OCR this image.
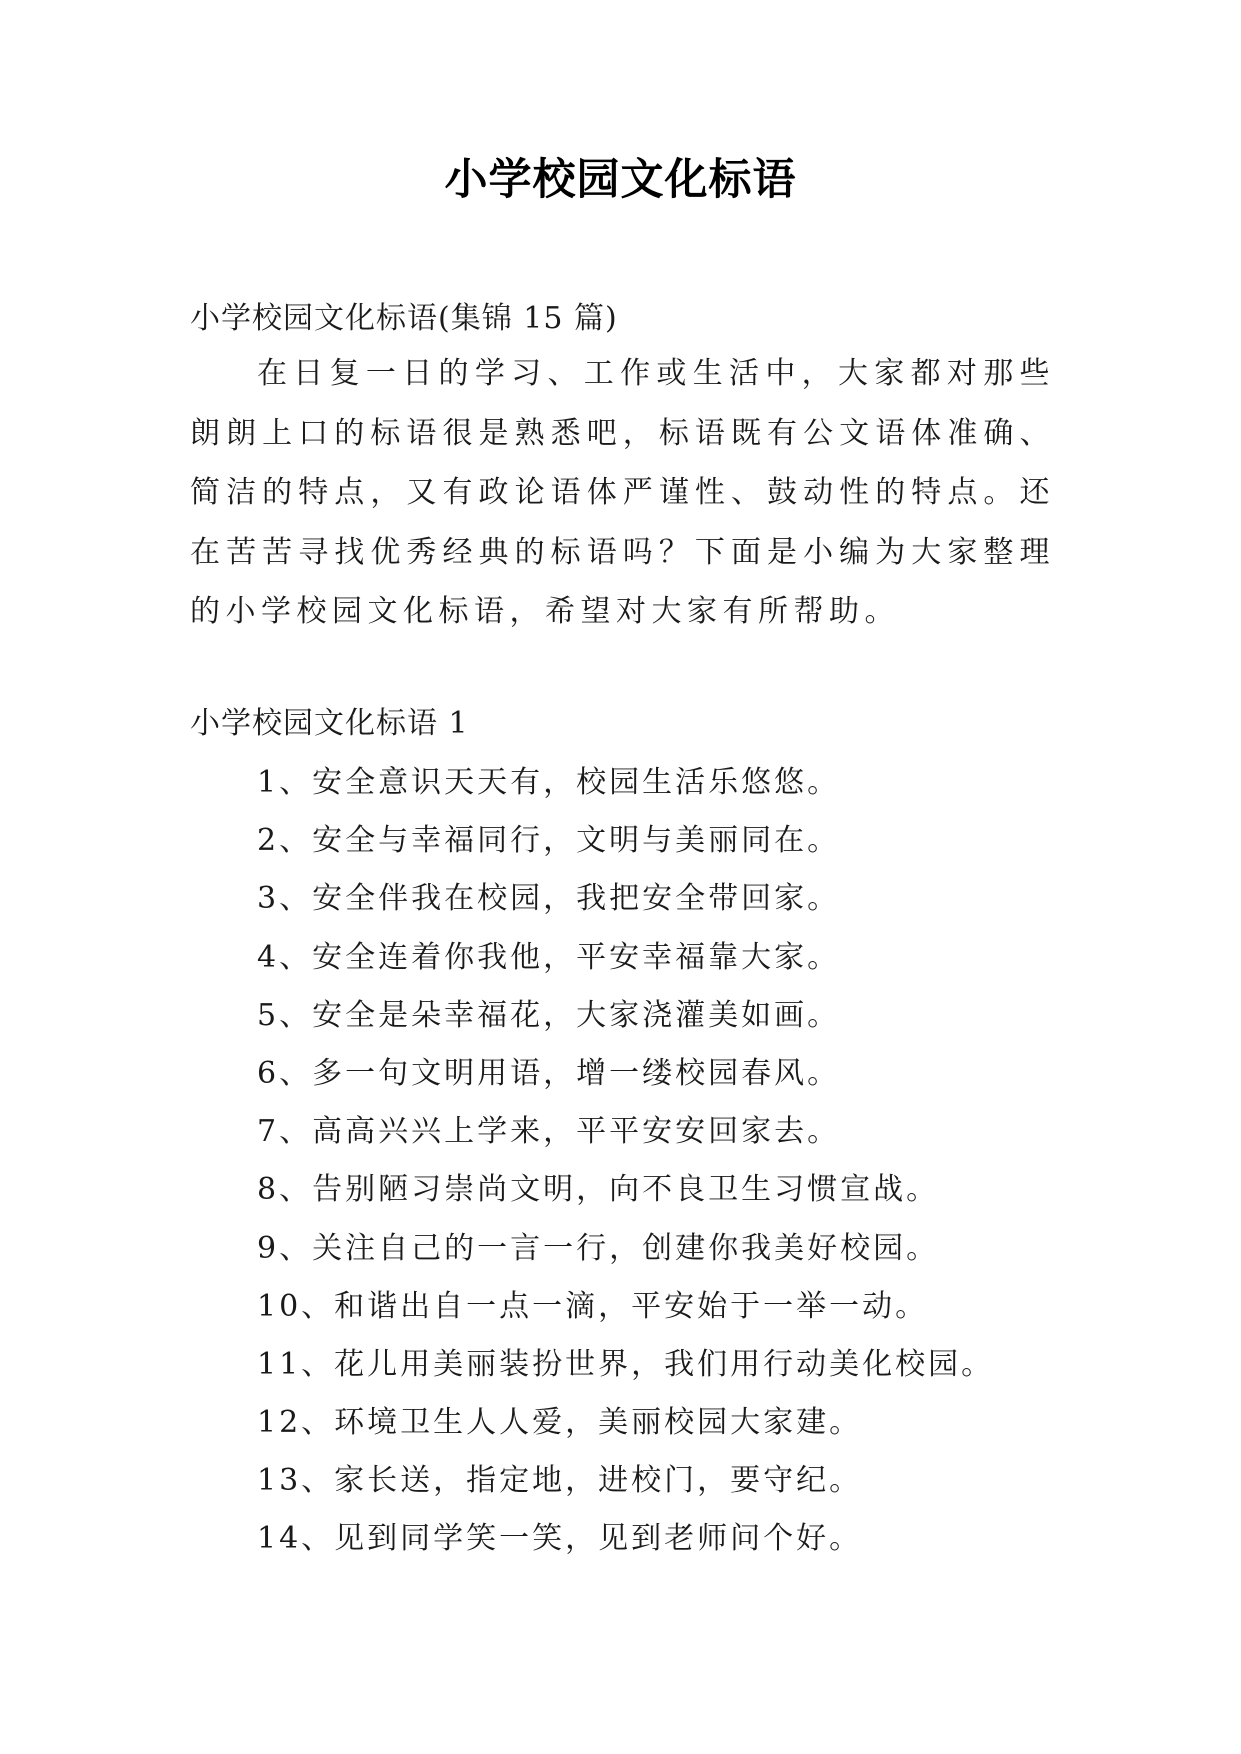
小学校园文化标语
小学校园文化标语(集锦 15 篇)

在日复一日的学习、工作或生活中，大家都对那些朗朗上口的标语很是熟悉吧，标语既有公文语体准确、简洁的特点，又有政论语体严谨性、鼓动性的特点。还在苦苦寻找优秀经典的标语吗？下面是小编为大家整理的小学校园文化标语，希望对大家有所帮助。

小学校园文化标语 1
1、安全意识天天有，校园生活乐悠悠。
2、安全与幸福同行，文明与美丽同在。
3、安全伴我在校园，我把安全带回家。
4、安全连着你我他，平安幸福靠大家。
5、安全是朵幸福花，大家浇灌美如画。
6、多一句文明用语，增一缕校园春风。
7、高高兴兴上学来，平平安安回家去。
8、告别陋习崇尚文明，向不良卫生习惯宣战。
9、关注自己的一言一行，创建你我美好校园。
10、和谐出自一点一滴，平安始于一举一动。
11、花儿用美丽装扮世界，我们用行动美化校园。
12、环境卫生人人爱，美丽校园大家建。
13、家长送，指定地，进校门，要守纪。
14、见到同学笑一笑，见到老师问个好。
